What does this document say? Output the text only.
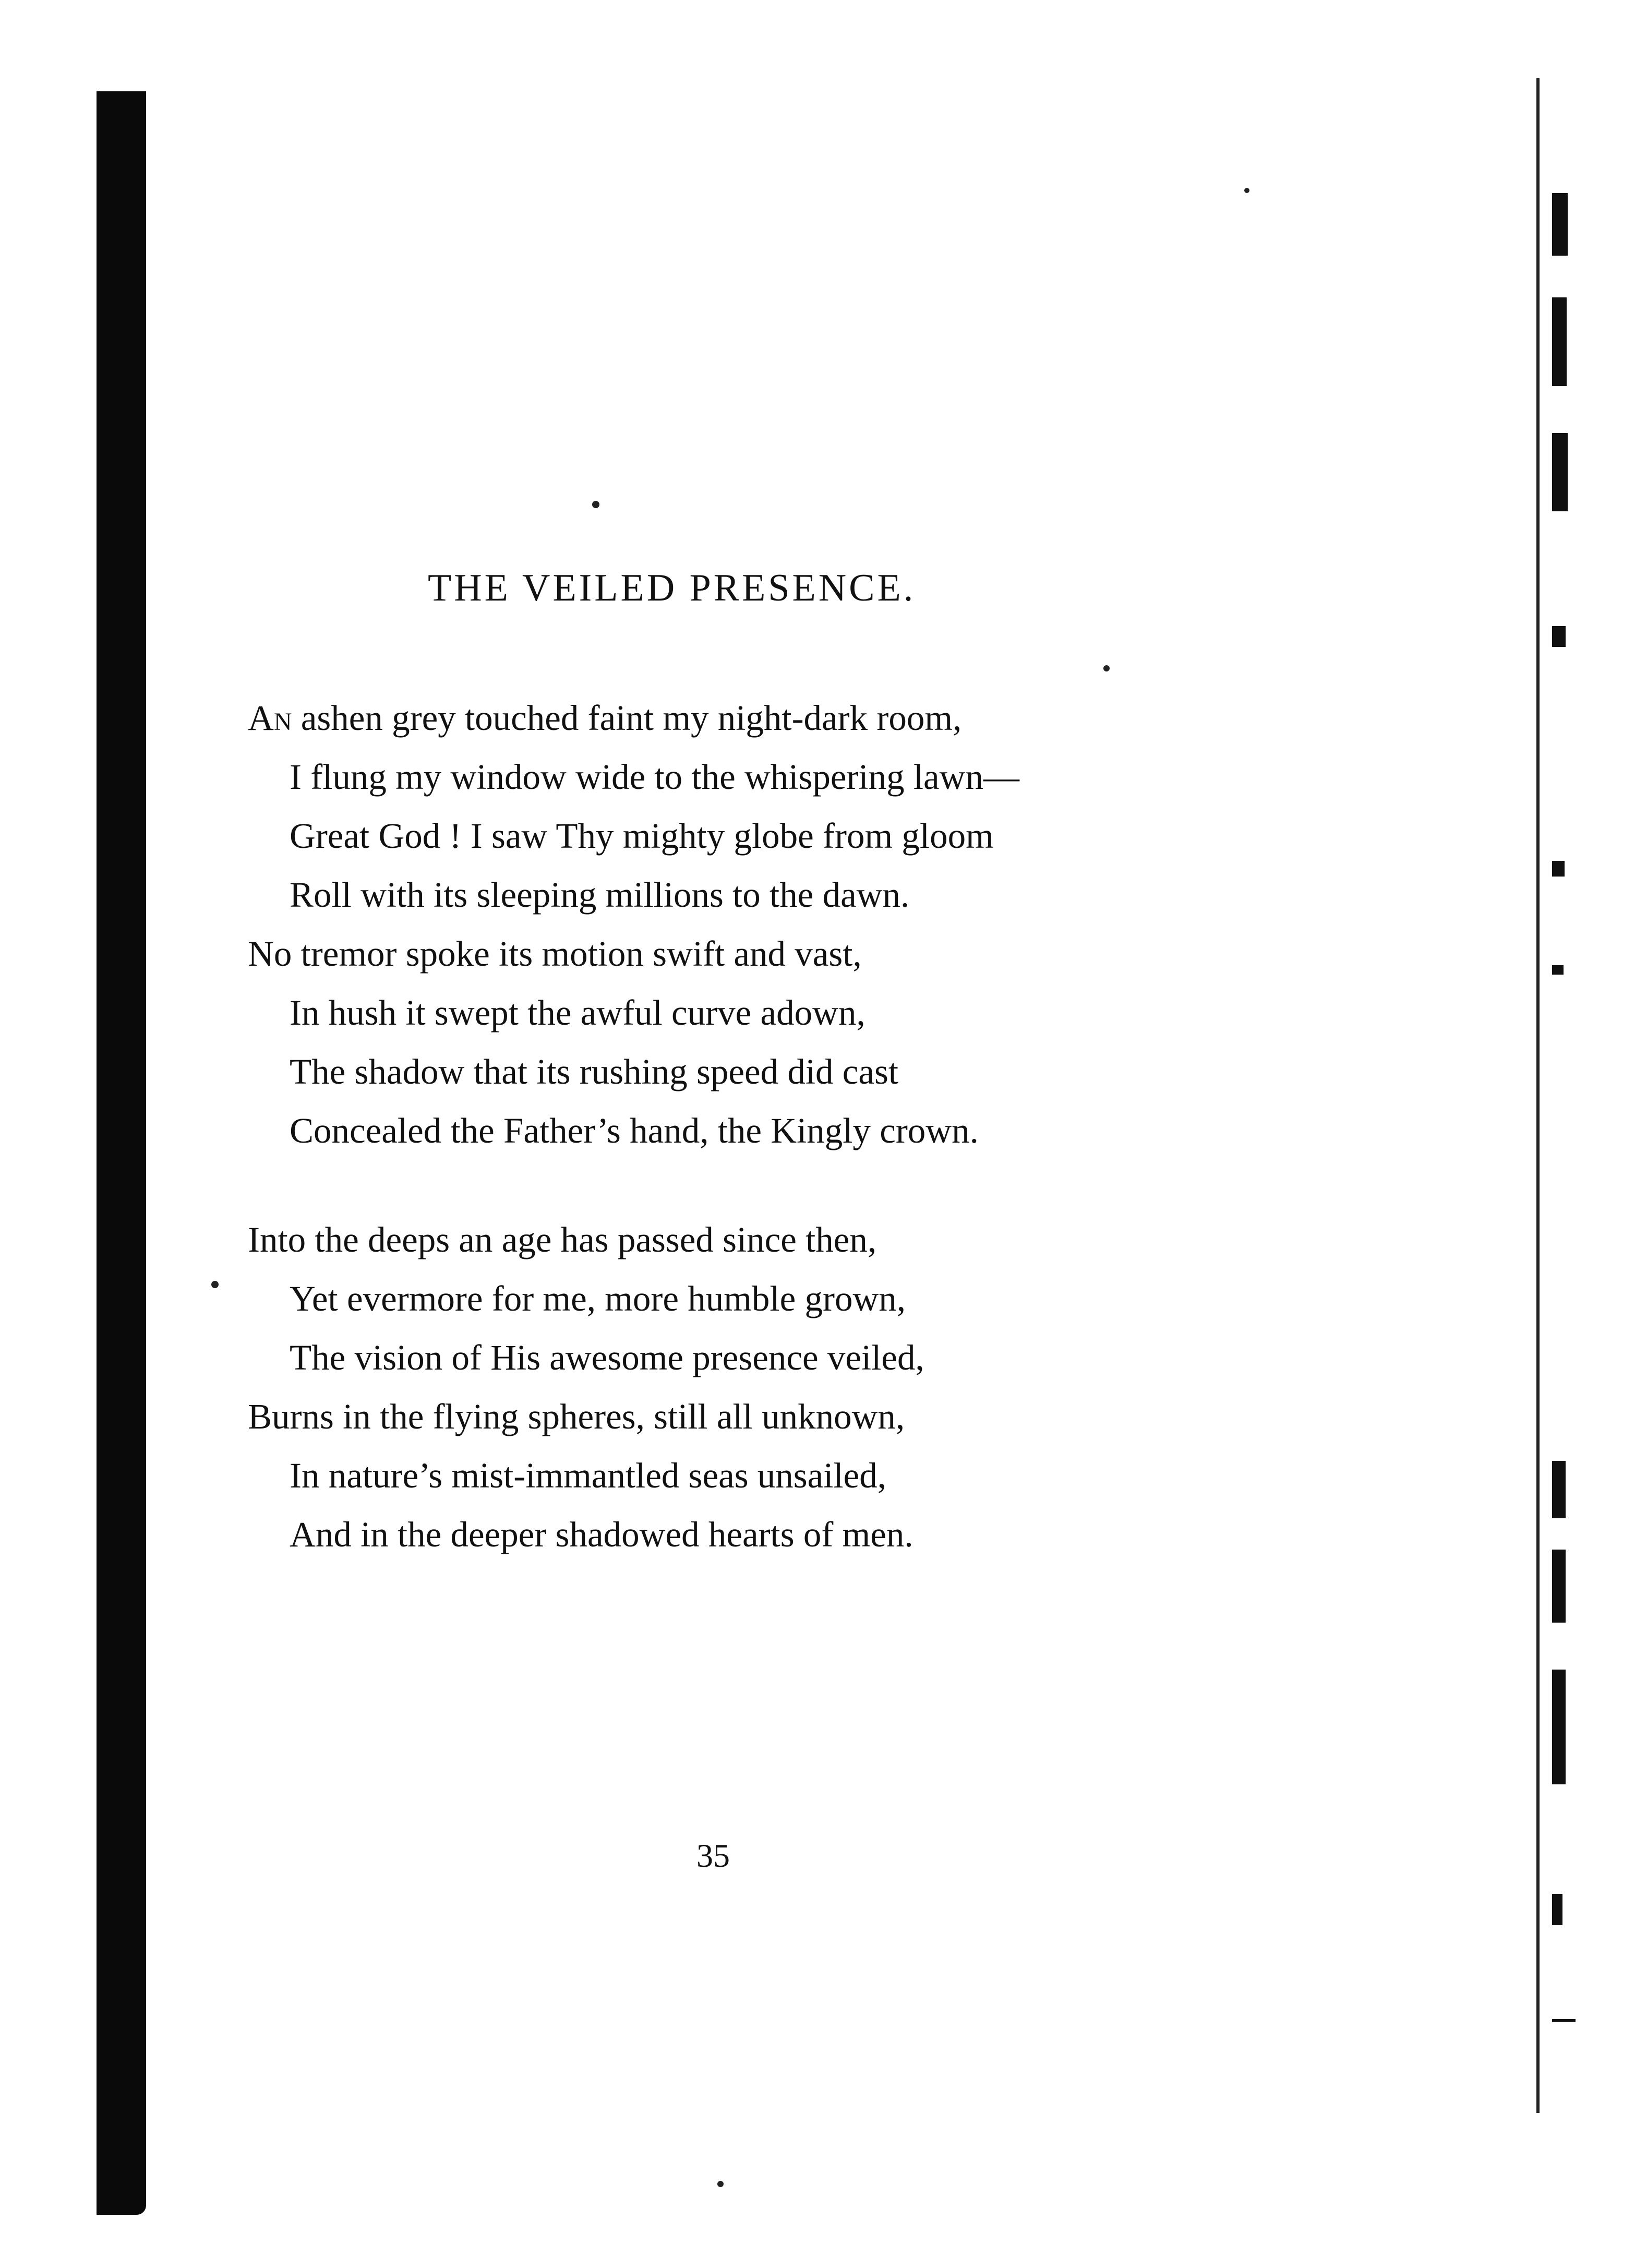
THE VEILED PRESENCE.
An ashen grey touched faint my night-dark room,
I flung my window wide to the whispering lawn—
Great God ! I saw Thy mighty globe from gloom
Roll with its sleeping millions to the dawn.
No tremor spoke its motion swift and vast,
In hush it swept the awful curve adown,
The shadow that its rushing speed did cast
Concealed the Father’s hand, the Kingly crown.
Into the deeps an age has passed since then,
Yet evermore for me, more humble grown,
The vision of His awesome presence veiled,
Burns in the flying spheres, still all unknown,
In nature’s mist-immantled seas unsailed,
And in the deeper shadowed hearts of men.
35
